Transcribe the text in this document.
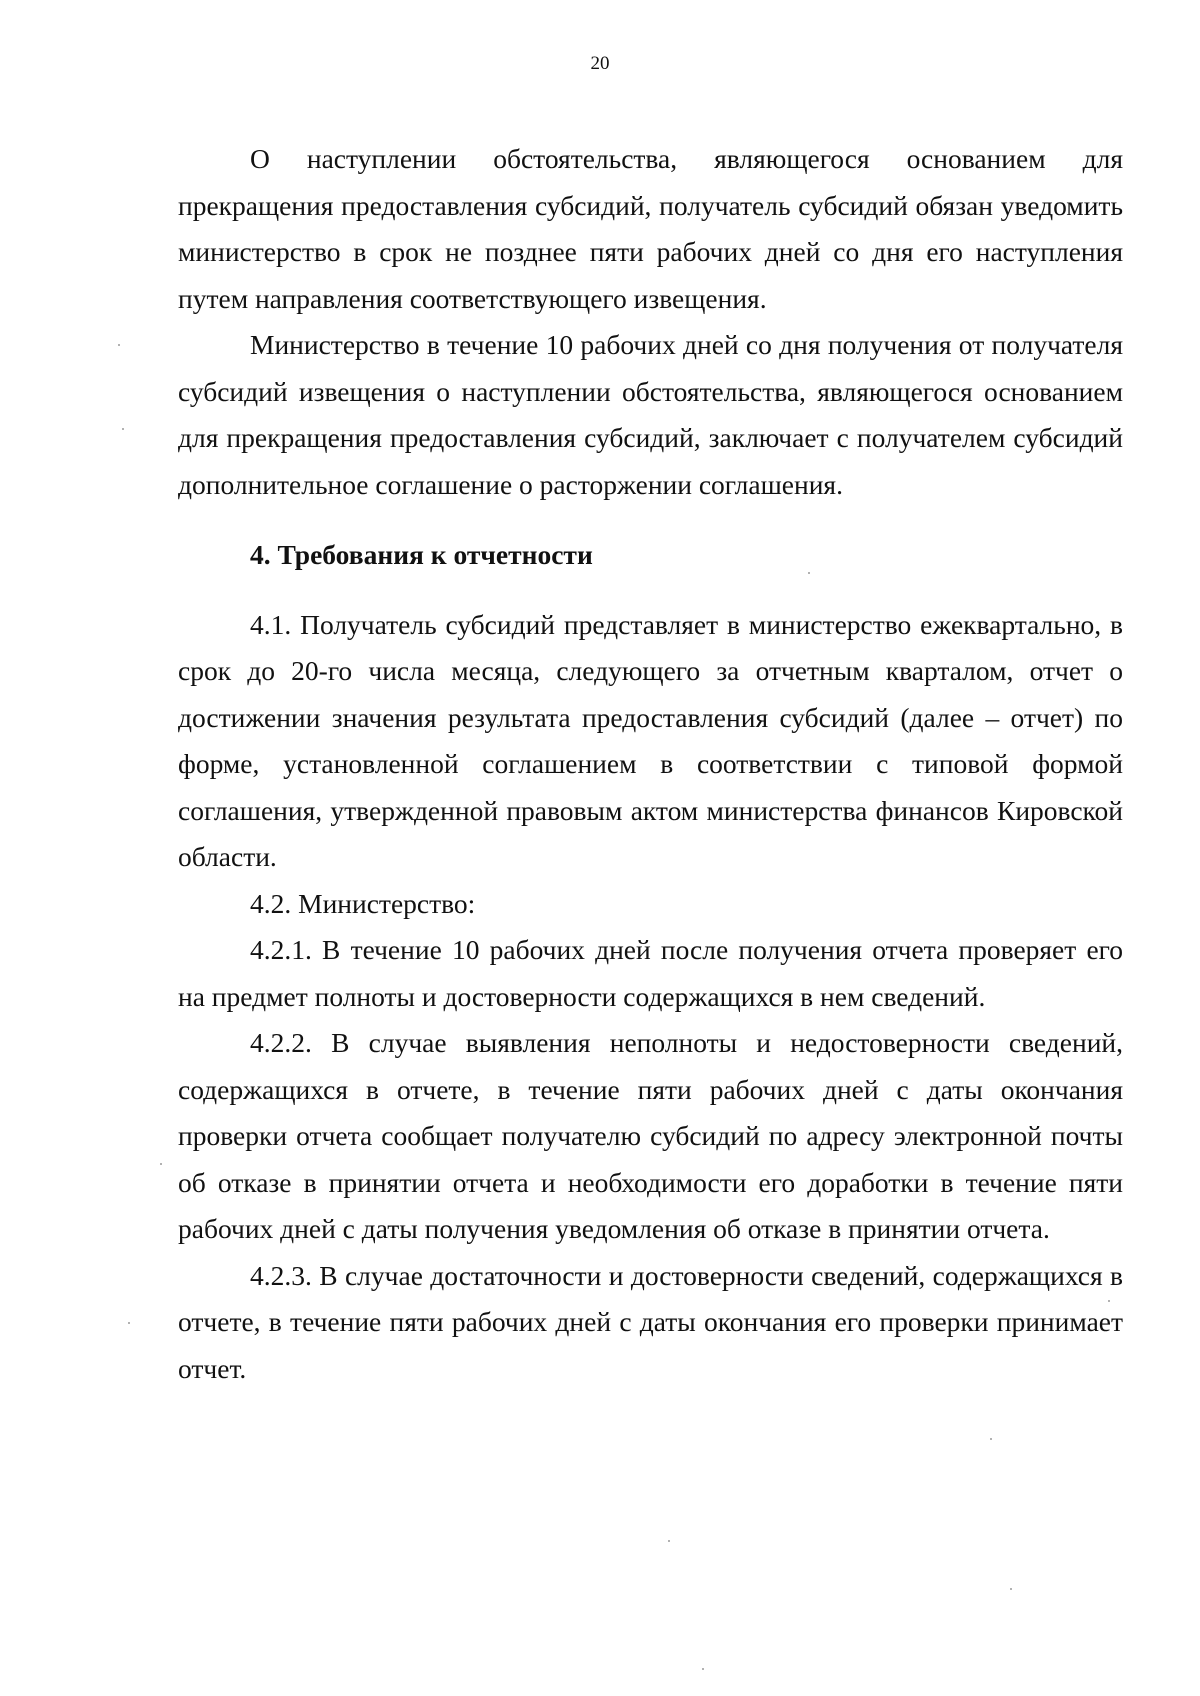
20

О наступлении обстоятельства, являющегося основанием для прекращения предоставления субсидий, получатель субсидий обязан уведомить министерство в срок не позднее пяти рабочих дней со дня его наступления путем направления соответствующего извещения.

Министерство в течение 10 рабочих дней со дня получения от получателя субсидий извещения о наступлении обстоятельства, являющегося основанием для прекращения предоставления субсидий, заключает с получателем субсидий дополнительное соглашение о расторжении соглашения.

4. Требования к отчетности

4.1. Получатель субсидий представляет в министерство ежеквартально, в срок до 20-го числа месяца, следующего за отчетным кварталом, отчет о достижении значения результата предоставления субсидий (далее – отчет) по форме, установленной соглашением в соответствии с типовой формой соглашения, утвержденной правовым актом министерства финансов Кировской области.

4.2. Министерство:

4.2.1. В течение 10 рабочих дней после получения отчета проверяет его на предмет полноты и достоверности содержащихся в нем сведений.

4.2.2. В случае выявления неполноты и недостоверности сведений, содержащихся в отчете, в течение пяти рабочих дней с даты окончания проверки отчета сообщает получателю субсидий по адресу электронной почты об отказе в принятии отчета и необходимости его доработки в течение пяти рабочих дней с даты получения уведомления об отказе в принятии отчета.

4.2.3. В случае достаточности и достоверности сведений, содержащихся в отчете, в течение пяти рабочих дней с даты окончания его проверки принимает отчет.
